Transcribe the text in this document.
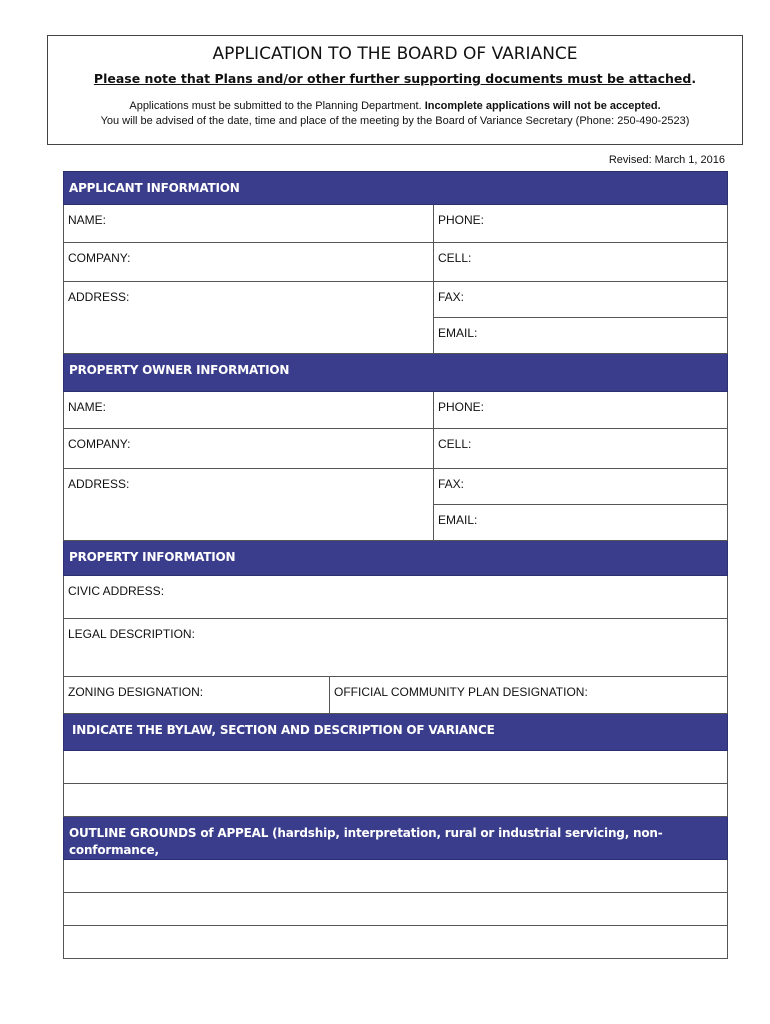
APPLICATION TO THE BOARD OF VARIANCE
Please note that Plans and/or other further supporting documents must be attached.
Applications must be submitted to the Planning Department. Incomplete applications will not be accepted.
You will be advised of the date, time and place of the meeting by the Board of Variance Secretary (Phone: 250-490-2523)
Revised: March 1, 2016
APPLICANT INFORMATION
NAME:	PHONE:
COMPANY:	CELL:
ADDRESS:	FAX:
EMAIL:
PROPERTY OWNER INFORMATION
NAME:	PHONE:
COMPANY:	CELL:
ADDRESS:	FAX:
EMAIL:
PROPERTY INFORMATION
CIVIC ADDRESS:
LEGAL DESCRIPTION:
ZONING DESIGNATION:	OFFICIAL COMMUNITY PLAN DESIGNATION:
INDICATE THE BYLAW, SECTION AND DESCRIPTION OF VARIANCE
OUTLINE GROUNDS of APPEAL (hardship, interpretation, rural or industrial servicing, non-conformance,
destruction, etc.) If more space is required, please submit a ‘Letter of Rationale’.
